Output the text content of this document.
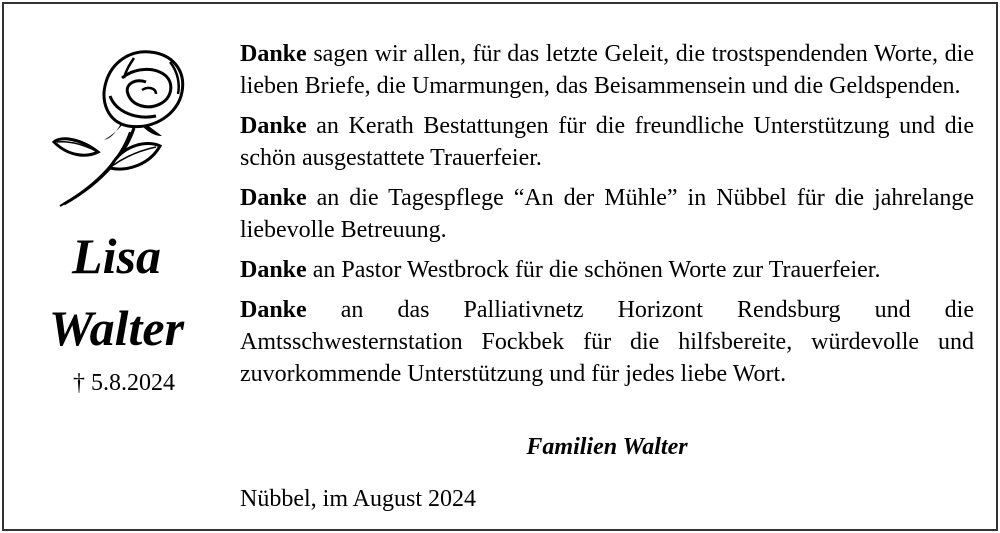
Lisa
Walter
† 5.8.2024

Danke sagen wir allen, für das letzte Geleit, die trostspendenden Worte, die lieben Briefe, die Umarmungen, das Beisammensein und die Geldspenden.

Danke an Kerath Bestattungen für die freundliche Unterstützung und die schön ausgestattete Trauerfeier.

Danke an die Tagespflege “An der Mühle” in Nübbel für die jahrelange liebevolle Betreuung.

Danke an Pastor Westbrock für die schönen Worte zur Trauerfeier.

Danke an das Palliativnetz Horizont Rendsburg und die Amtsschwesternstation Fockbek für die hilfsbereite, würdevolle und zuvorkommende Unterstützung und für jedes liebe Wort.

Familien Walter
Nübbel, im August 2024
